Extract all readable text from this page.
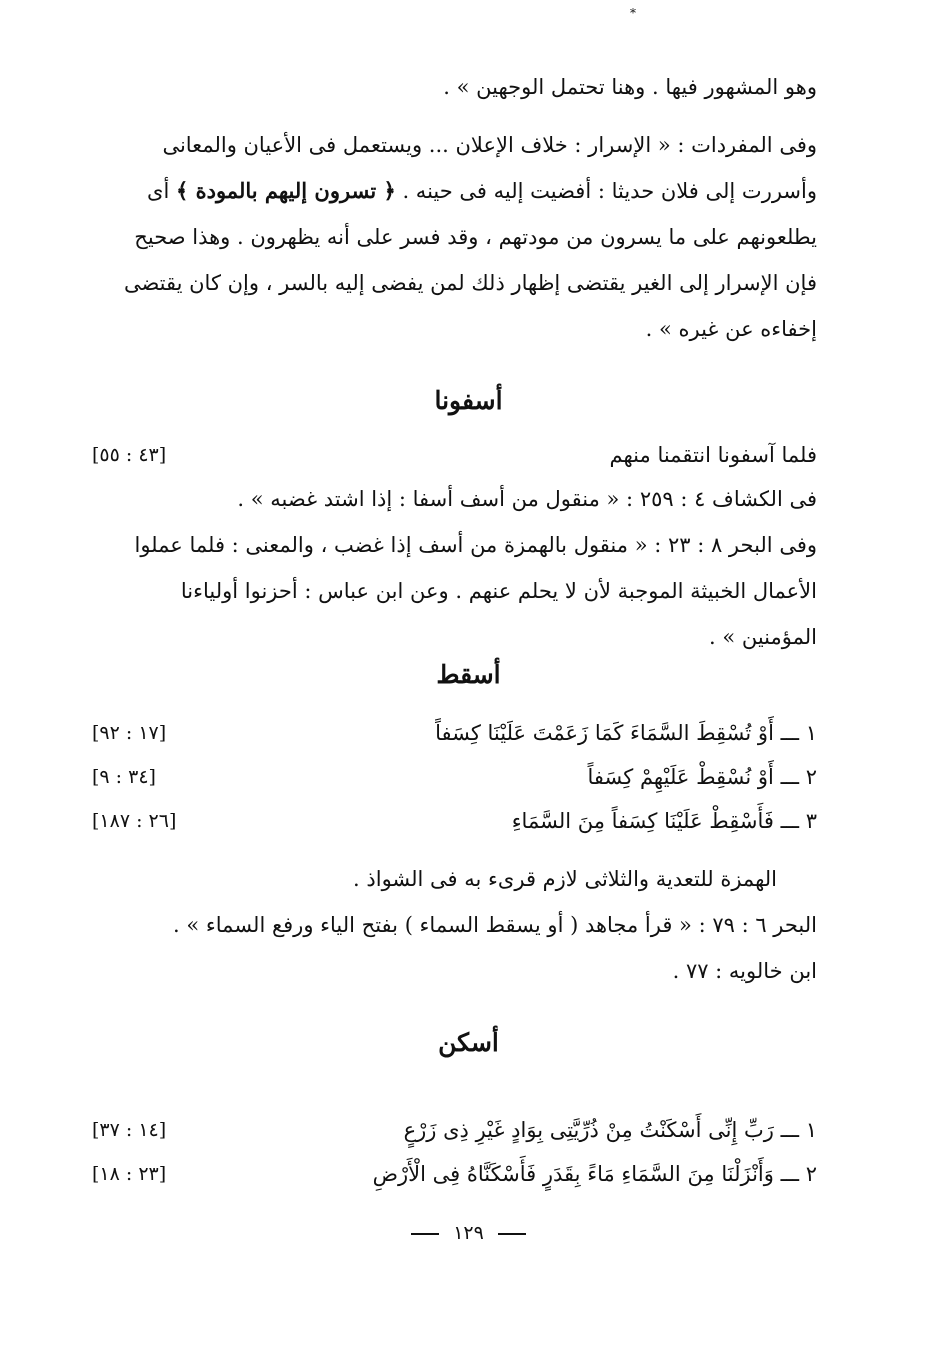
*
وهو المشهور فيها . وهنا تحتمل الوجهين » .
وفى المفردات : « الإسرار : خلاف الإعلان ... ويستعمل فى الأعيان والمعانى
وأسررت إلى فلان حديثا : أفضيت إليه فى حينه . ﴿ تسرون إليهم بالمودة ﴾ أى
يطلعونهم على ما يسرون من مودتهم ، وقد فسر على أنه يظهرون . وهذا صحيح
فإن الإسرار إلى الغير يقتضى إظهار ذلك لمن يفضى إليه بالسر ، وإن كان يقتضى
إخفاءه عن غيره » .
أسفونا
فلما آسفونا انتقمنا منهم
[٤٣ : ٥٥]
فى الكشاف ٤ : ٢٥٩ : « منقول من أسف أسفا : إذا اشتد غضبه » .
وفى البحر ٨ : ٢٣ : « منقول بالهمزة من أسف إذا غضب ، والمعنى : فلما عملوا
الأعمال الخبيثة الموجبة لأن لا يحلم عنهم . وعن ابن عباس : أحزنوا أولياءنا
المؤمنين » .
أسقط
١ ـــ أَوْ تُسْقِطَ السَّمَاءَ كَمَا زَعَمْتَ عَلَيْنَا كِسَفاً
[١٧ : ٩٢]
٢ ـــ أَوْ نُسْقِطْ عَلَيْهِمْ كِسَفاً
[٣٤ : ٩]
٣ ـــ فَأَسْقِطْ عَلَيْنَا كِسَفاً مِنَ السَّمَاءِ
[٢٦ : ١٨٧]
الهمزة للتعدية والثلاثى لازم قرىء به فى الشواذ .
البحر ٦ : ٧٩ : « قرأ مجاهد ( أو يسقط السماء ) بفتح الياء ورفع السماء » .
ابن خالويه : ٧٧ .
أسكن
١ ـــ رَبِّ إِنِّى أَسْكَنْتُ مِنْ ذُرِّيَّتِى بِوَادٍ غَيْرِ ذِى زَرْعٍ
[١٤ : ٣٧]
٢ ـــ وَأَنْزَلْنَا مِنَ السَّمَاءِ مَاءً بِقَدَرٍ فَأَسْكَنَّاهُ فِى الْأَرْضِ
[٢٣ : ١٨]
١٢٩
